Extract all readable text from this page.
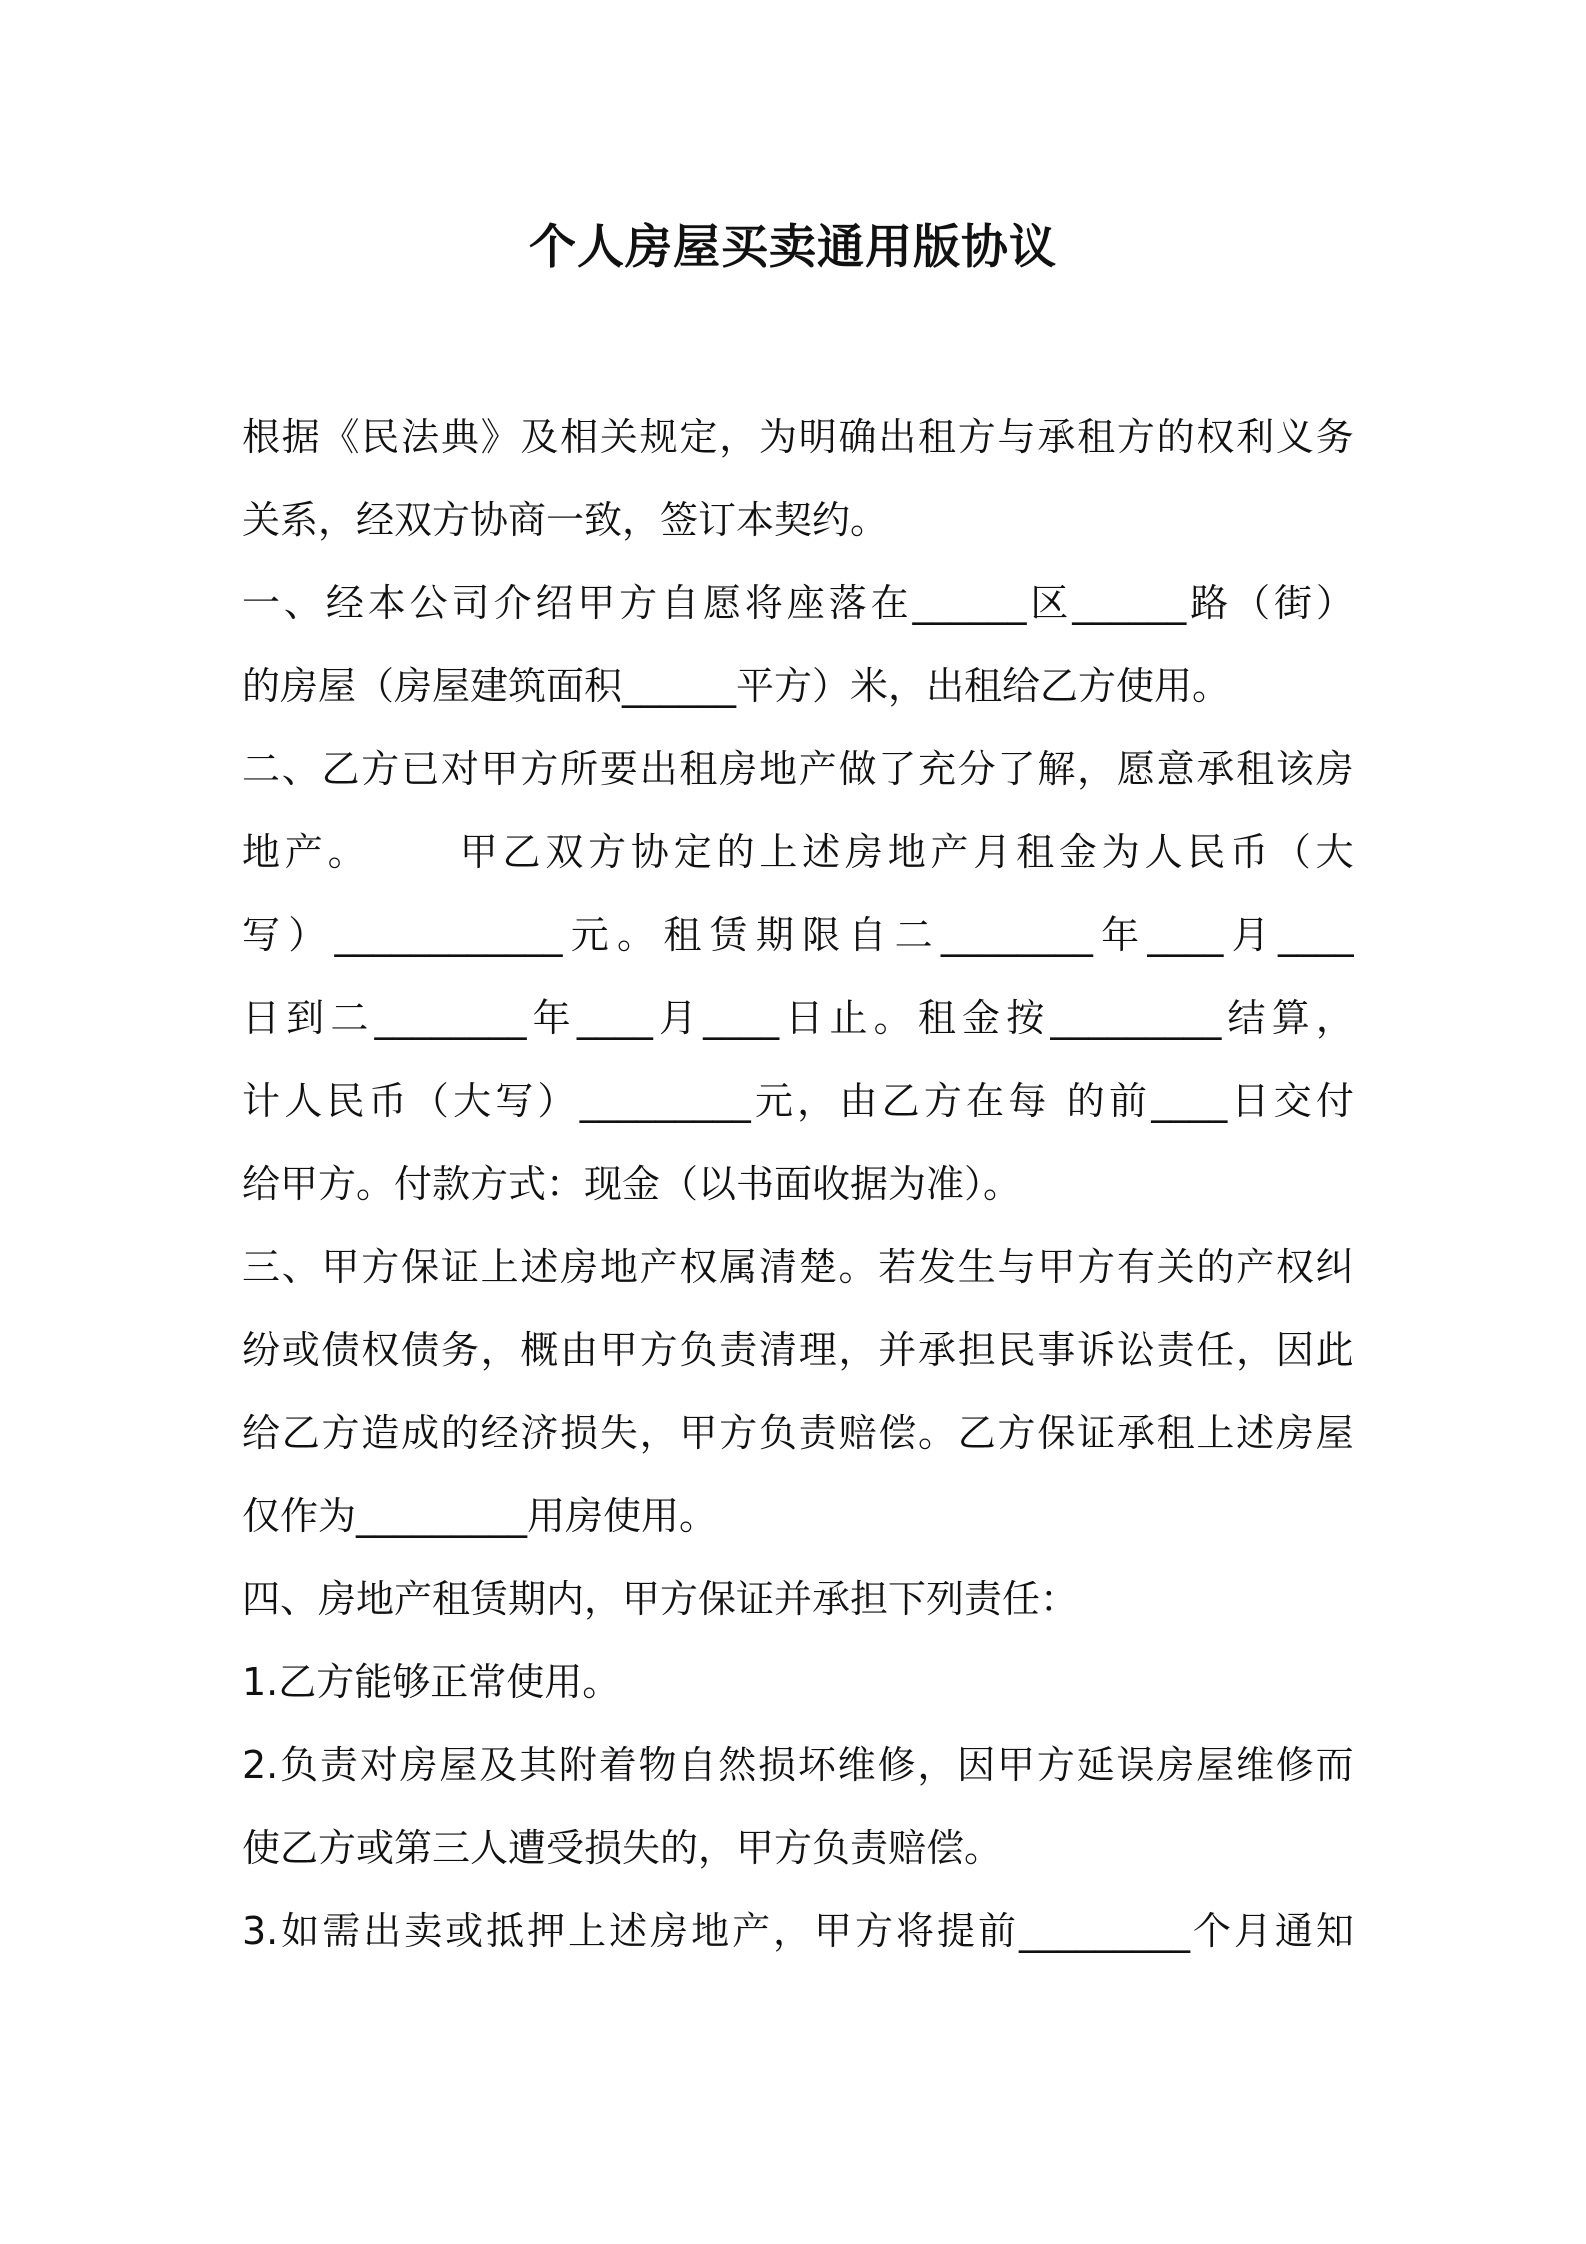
个人房屋买卖通用版协议
根 据 《 民 法 典 》 及 相 关 规 定 ， 为 明 确 出 租 方 与 承 租 方 的 权 利 义 务
关系，经双方协商一致，签订本契约。
一 、 经 本 公 司 介 绍 甲 方 自 愿 将 座 落 在 ______ 区 ______ 路 （ 街 ）
的房屋（房屋建筑面积______平方）米，出租给乙方使用。
二 、 乙 方 已 对 甲 方 所 要 出 租 房 地 产 做 了 充 分 了 解 ， 愿 意 承 租 该 房
地 产 。
甲 乙 双 方 协 定 的 上 述 房 地 产 月 租 金 为 人 民 币 （ 大
写 ） ____________ 元 。 租 赁 期 限 自 二 ________ 年 ____ 月 ____
日 到 二 ________ 年 ____ 月 ____ 日 止 。 租 金 按 _________ 结 算 ，
计 人 民 币 （ 大 写 ） _________ 元 ， 由 乙 方 在 每
的 前 ____ 日 交 付
给甲方。付款方式：现金（以书面收据为准）。
三 、 甲 方 保 证 上 述 房 地 产 权 属 清 楚 。 若 发 生 与 甲 方 有 关 的 产 权 纠
纷 或 债 权 债 务 ， 概 由 甲 方 负 责 清 理 ， 并 承 担 民 事 诉 讼 责 任 ， 因 此
给 乙 方 造 成 的 经 济 损 失 ， 甲 方 负 责 赔 偿 。 乙 方 保 证 承 租 上 述 房 屋
仅作为_________用房使用。
四、房地产租赁期内，甲方保证并承担下列责任：
1.乙方能够正常使用。
2. 负 责 对 房 屋 及 其 附 着 物 自 然 损 坏 维 修 ， 因 甲 方 延 误 房 屋 维 修 而
使乙方或第三人遭受损失的，甲方负责赔偿。
3. 如 需 出 卖 或 抵 押 上 述 房 地 产 ， 甲 方 将 提 前 _________ 个 月 通 知
